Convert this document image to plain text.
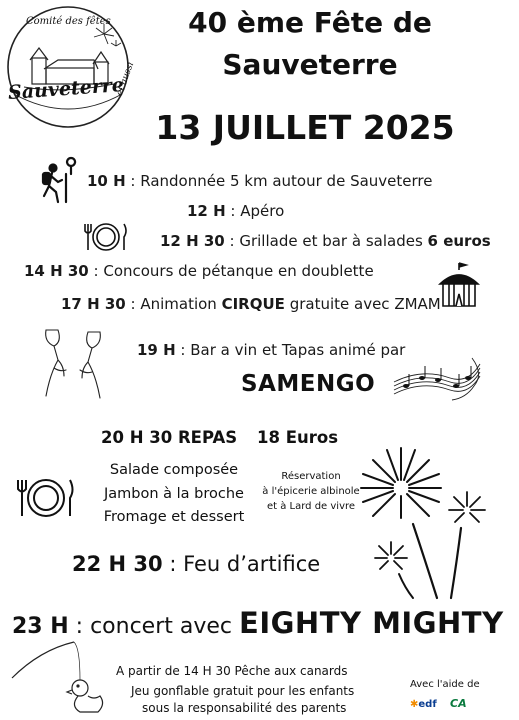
Comité des fêtes
Sauveterre
et aussi
40 ème Fête de
Sauveterre
13 JUILLET 2025
10 H : Randonnée 5 km autour de Sauveterre
12 H : Apéro
12 H 30 : Grillade et bar à salades 6 euros
14 H 30 : Concours de pétanque en doublette
17 H 30 : Animation CIRQUE gratuite avec ZMAM
19 H : Bar a vin et Tapas animé par
SAMENGO
20 H 30 REPAS 18 Euros
Salade composée
Jambon à la broche
Fromage et dessert
Réservation
à l'épicerie albinole
et à Lard de vivre
22 H 30 : Feu d’artifice
23 H : concert avec EIGHTY MIGHTY
A partir de 14 H 30 Pêche aux canards
Jeu gonflable gratuit pour les enfants
sous la responsabilité des parents
Avec l'aide de
✱edf CA
